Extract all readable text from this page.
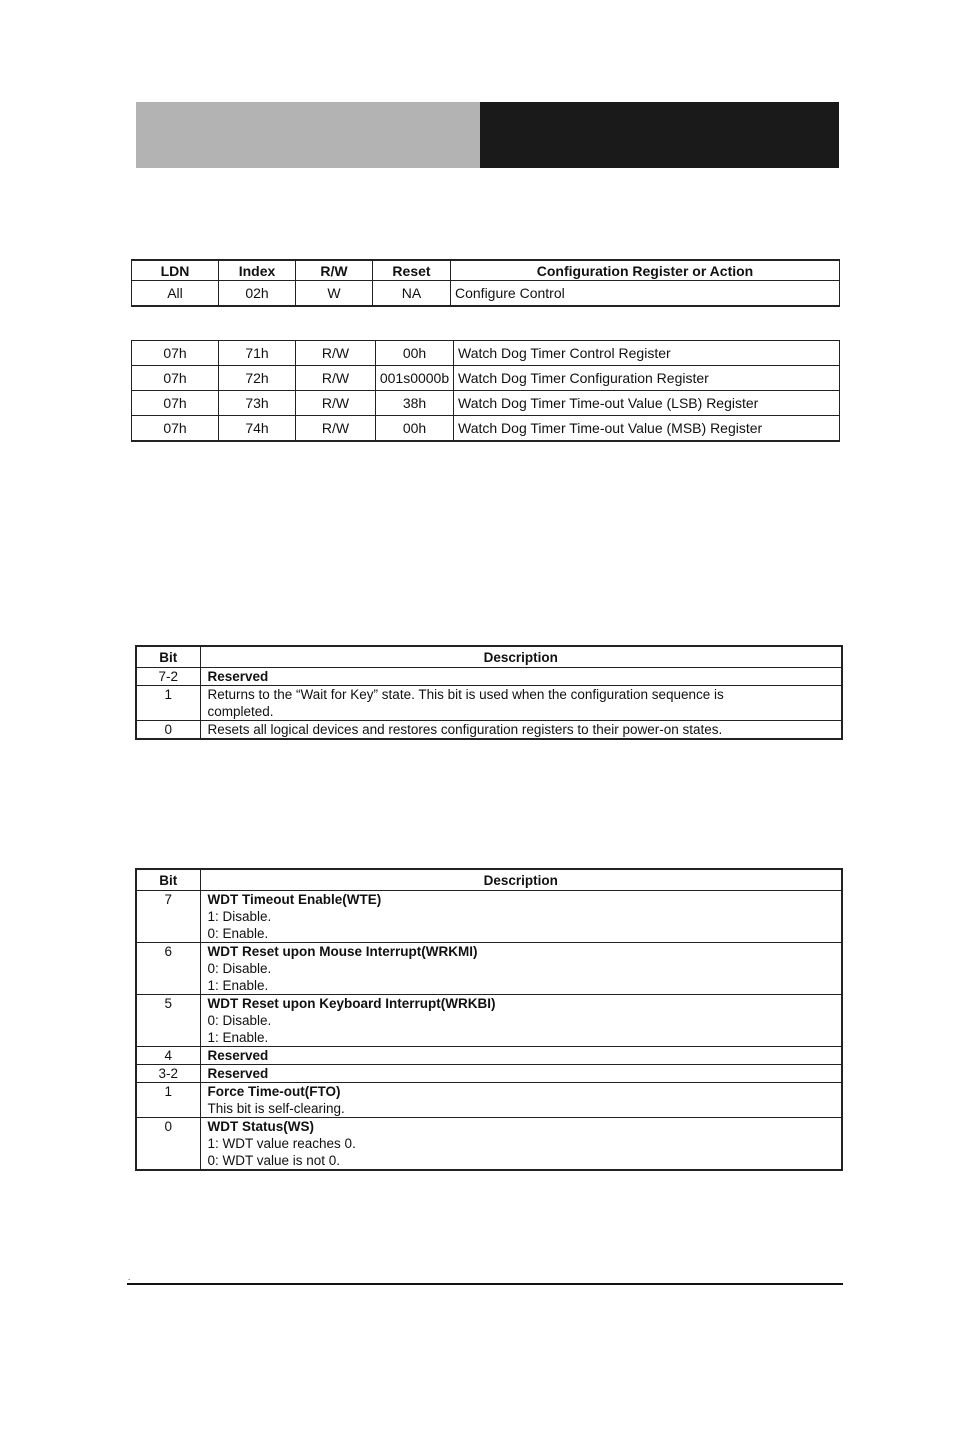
LDN	Index	R/W	Reset	Configuration Register or Action
All	02h	W	NA	Configure Control
07h	71h	R/W	00h	Watch Dog Timer Control Register
07h	72h	R/W	001s0000b	Watch Dog Timer Configuration Register
07h	73h	R/W	38h	Watch Dog Timer Time-out Value (LSB) Register
07h	74h	R/W	00h	Watch Dog Timer Time-out Value (MSB) Register
Bit	Description
7-2	Reserved

1	Returns to the “Wait for Key” state. This bit is used when the configuration sequence is
completed.

0	Resets all logical devices and restores configuration registers to their power-on states.
Bit	Description
7	WDT Timeout Enable(WTE)
1: Disable.
0: Enable.

6	WDT Reset upon Mouse Interrupt(WRKMI)
0: Disable.
1: Enable.

5	WDT Reset upon Keyboard Interrupt(WRKBI)
0: Disable.
1: Enable.

4	Reserved

3-2	Reserved

1	Force Time-out(FTO)
This bit is self-clearing.

0	WDT Status(WS)
1: WDT value reaches 0.
0: WDT value is not 0.
.
